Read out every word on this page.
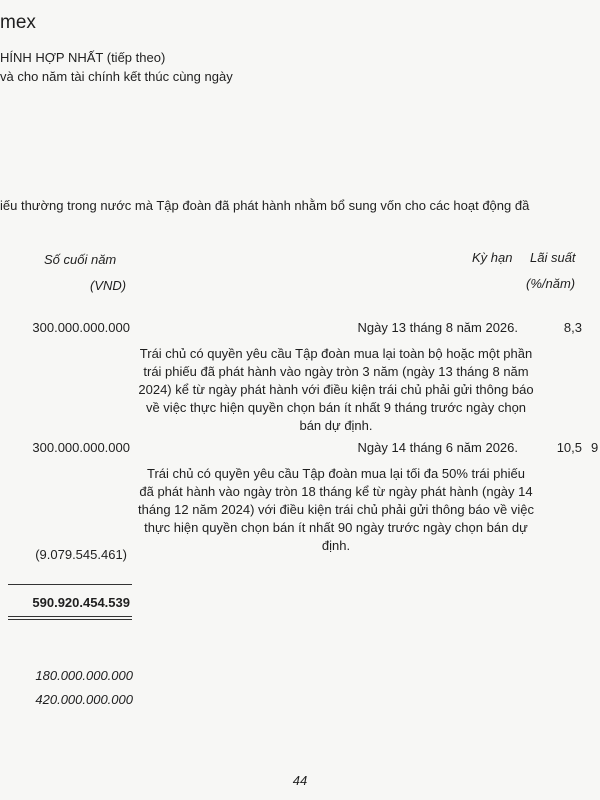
mex
HÍNH HỢP NHẤT (tiếp theo)
và cho năm tài chính kết thúc cùng ngày
iếu thường trong nước mà Tập đoàn đã phát hành nhằm bổ sung vốn cho các hoạt động đầ
Số cuối năm
(VND)
Kỳ hạn Lãi suất
(%/năm)
300.000.000.000	Ngày 13 tháng 8 năm 2026.	8,3
Trái chủ có quyền yêu cầu Tập đoàn mua lại toàn bộ hoặc một phần trái phiếu đã phát hành vào ngày tròn 3 năm (ngày 13 tháng 8 năm 2024) kể từ ngày phát hành với điều kiện trái chủ phải gửi thông báo về việc thực hiện quyền chọn bán ít nhất 9 tháng trước ngày chọn bán dự định.
300.000.000.000	Ngày 14 tháng 6 năm 2026.	10,5 9
Trái chủ có quyền yêu cầu Tập đoàn mua lại tối đa 50% trái phiếu đã phát hành vào ngày tròn 18 tháng kể từ ngày phát hành (ngày 14 tháng 12 năm 2024) với điều kiện trái chủ phải gửi thông báo về việc thực hiện quyền chọn bán ít nhất 90 ngày trước ngày chọn bán dự định.
(9.079.545.461)
590.920.454.539
180.000.000.000
420.000.000.000
44
